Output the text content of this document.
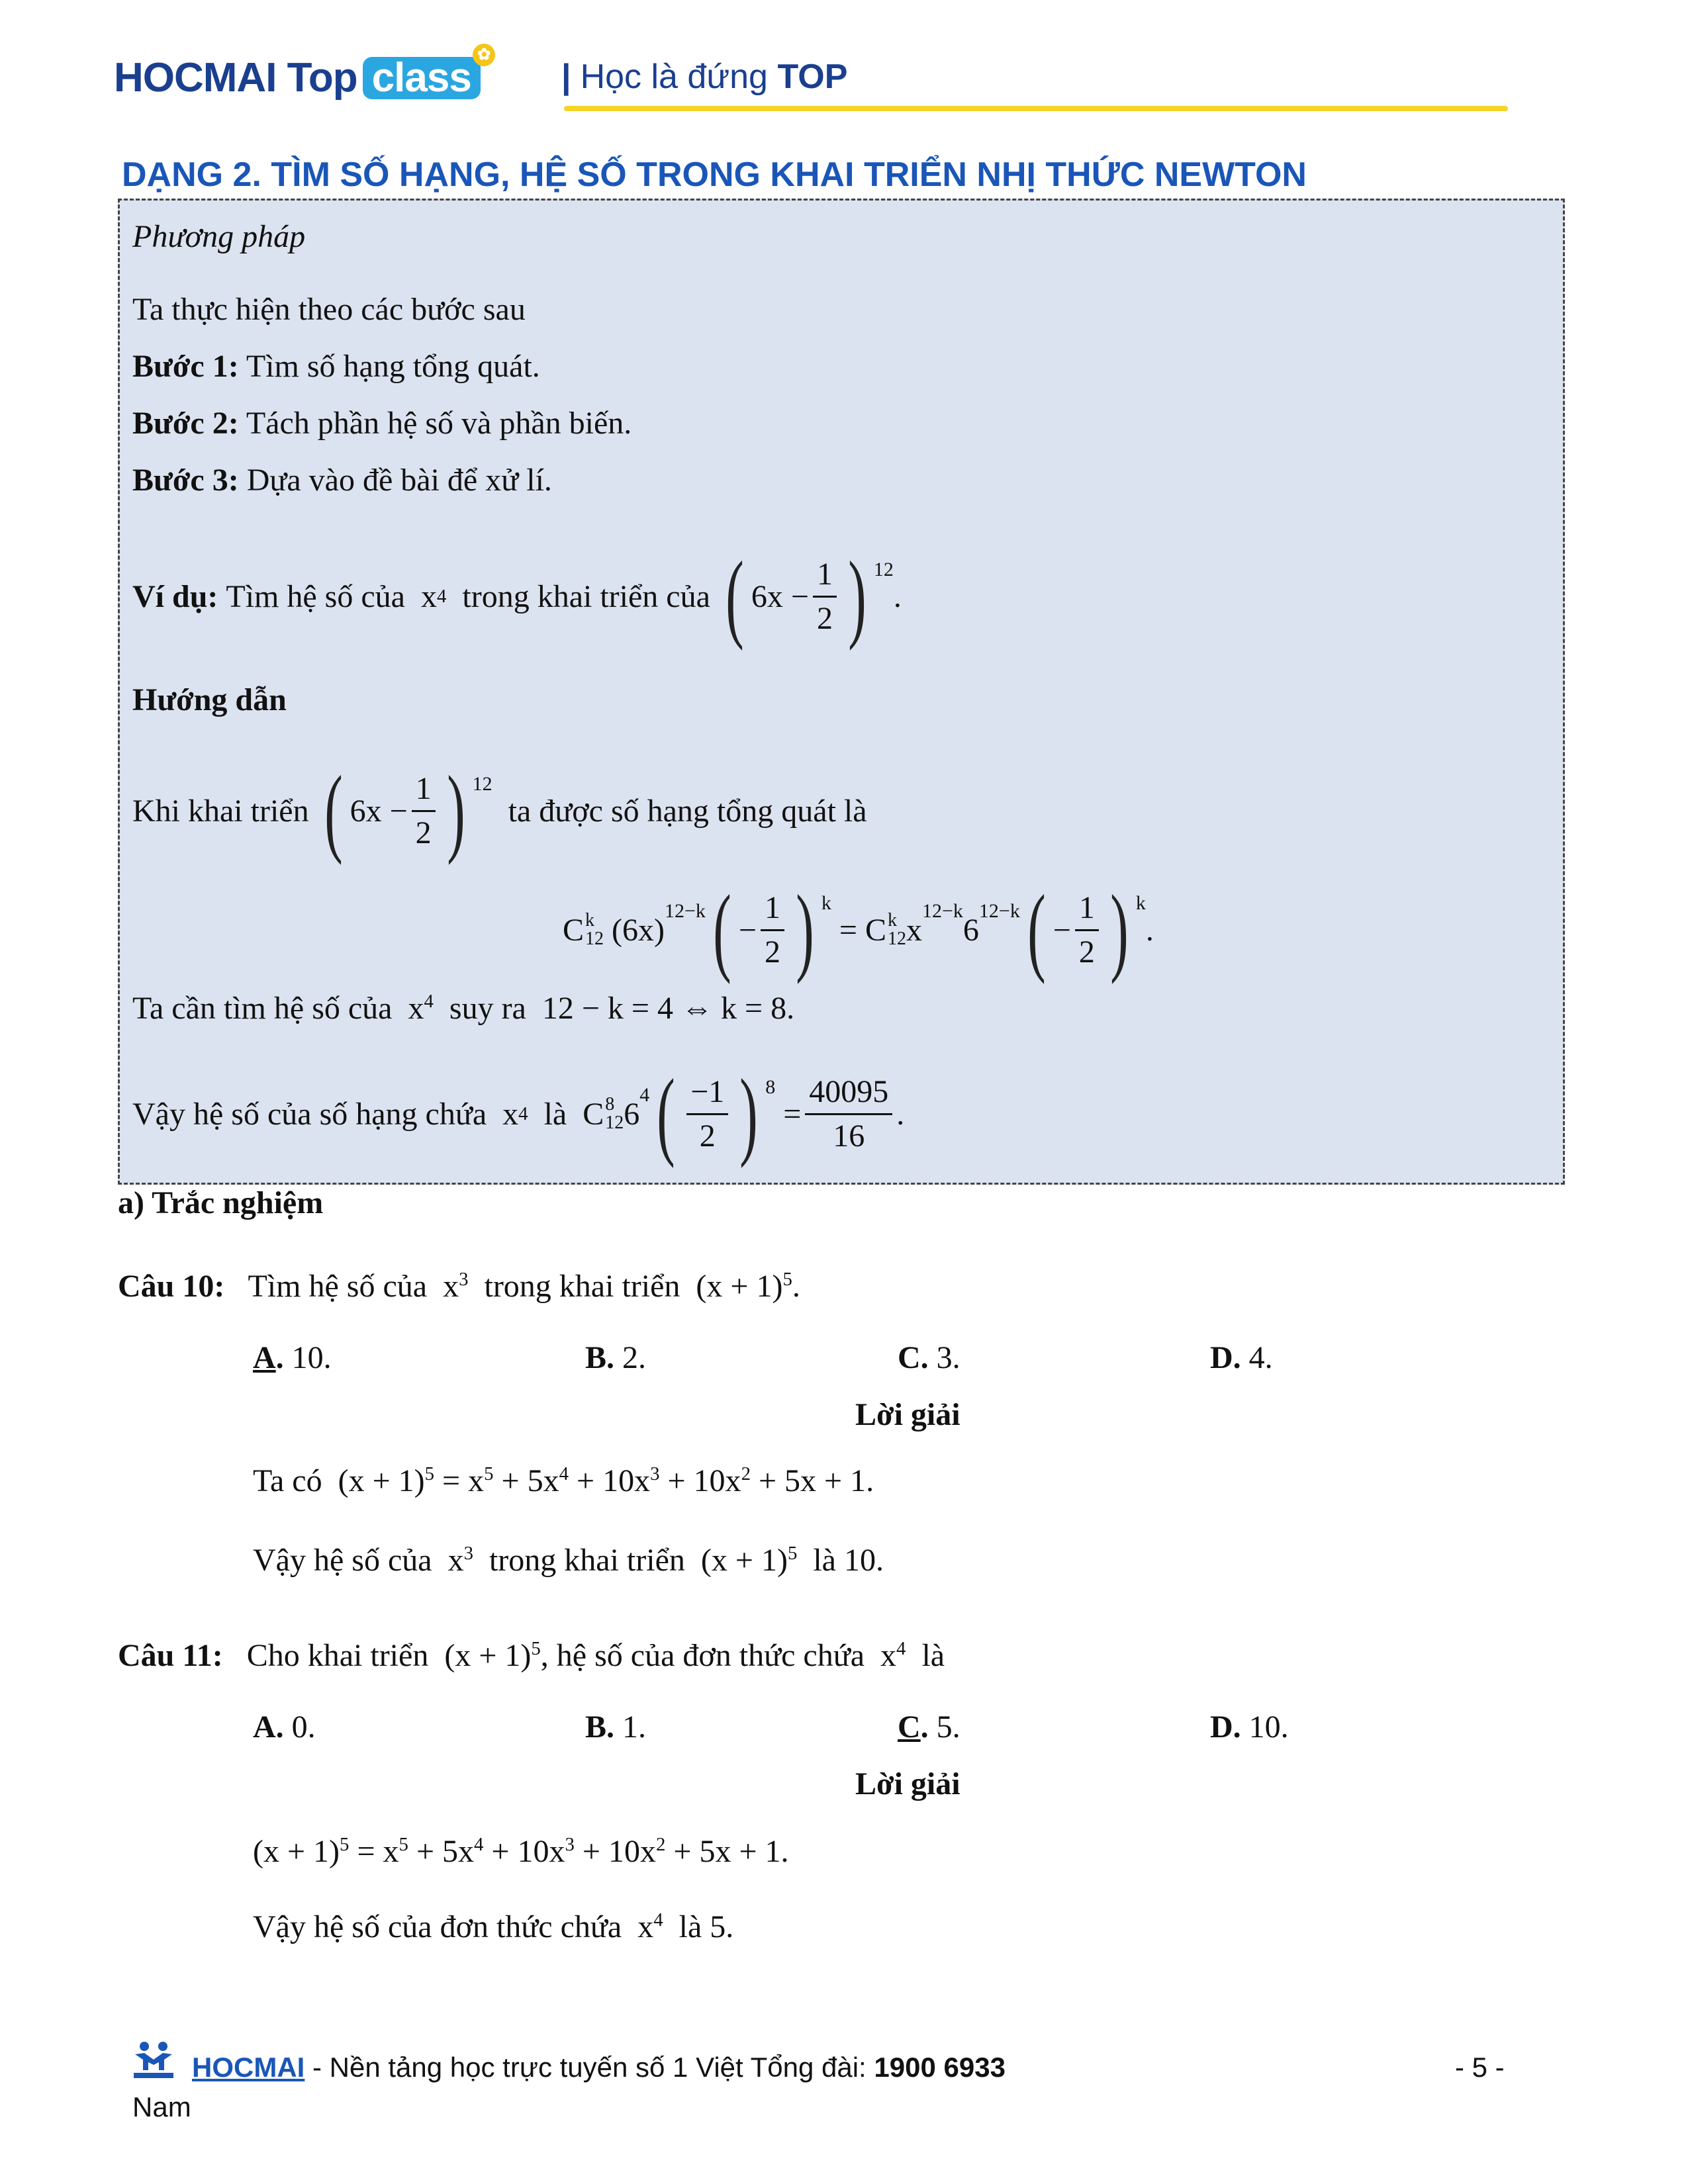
HOCMAI Top class
✿
| Học là đứng TOP
DẠNG 2. TÌM SỐ HẠNG, HỆ SỐ TRONG KHAI TRIỂN NHỊ THỨC NEWTON
Phương pháp
Ta thực hiện theo các bước sau
Bước 1: Tìm số hạng tổng quát.
Bước 2: Tách phần hệ số và phần biến.
Bước 3: Dựa vào đề bài để xử lí.
Ví dụ:
Tìm hệ số của x 4
trong khai triển của
( $6x - \frac{1}{2}$ ) 12
.
Hướng dẫn
Khi khai triển
( $6x - \frac{1}{2}$ ) 12

ta được số hạng tổng quát là
C k
12 (6x)
12−k ( − $\frac{1}{2}$ ) k
= C k
12 x
12−k
6
12−k ( − $\frac{1}{2}$ ) k
.
Ta cần tìm hệ số của  $x^4$ suy ra  12 − k = 4 ⇔ k = 8.
Vậy hệ số của số hạng chứa x 4
là C 8
12 6
4 ( $\frac{-1}{2}$ ) 8
= $\frac{40095}{16}$ .
a) Trắc nghiệm
Câu 10: Tìm hệ số của  $x^3$ trong khai triển  $(x + 1)^5$.
A. 10.	B. 2.	C. 3.	D. 4.
Lời giải
Ta có  $(x + 1)^5 = x^5 + 5x^4 + 10x^3 + 10x^2 + 5x + 1$.
Vậy hệ số của  $x^3$ trong khai triển  $(x + 1)^5$ là 10.
Câu 11: Cho khai triển  $(x + 1)^5$, hệ số của đơn thức chứa  $x^4$ là
A. 0.	B. 1.	C. 5.	D. 10.
Lời giải
$(x + 1)^5 = x^5 + 5x^4 + 10x^3 + 10x^2 + 5x + 1$.
Vậy hệ số của đơn thức chứa  $x^4$ là 5.
HOCMAI - Nền tảng học trực tuyến số 1 Việt Tổng đài: 1900 6933	- 5 -
Nam
